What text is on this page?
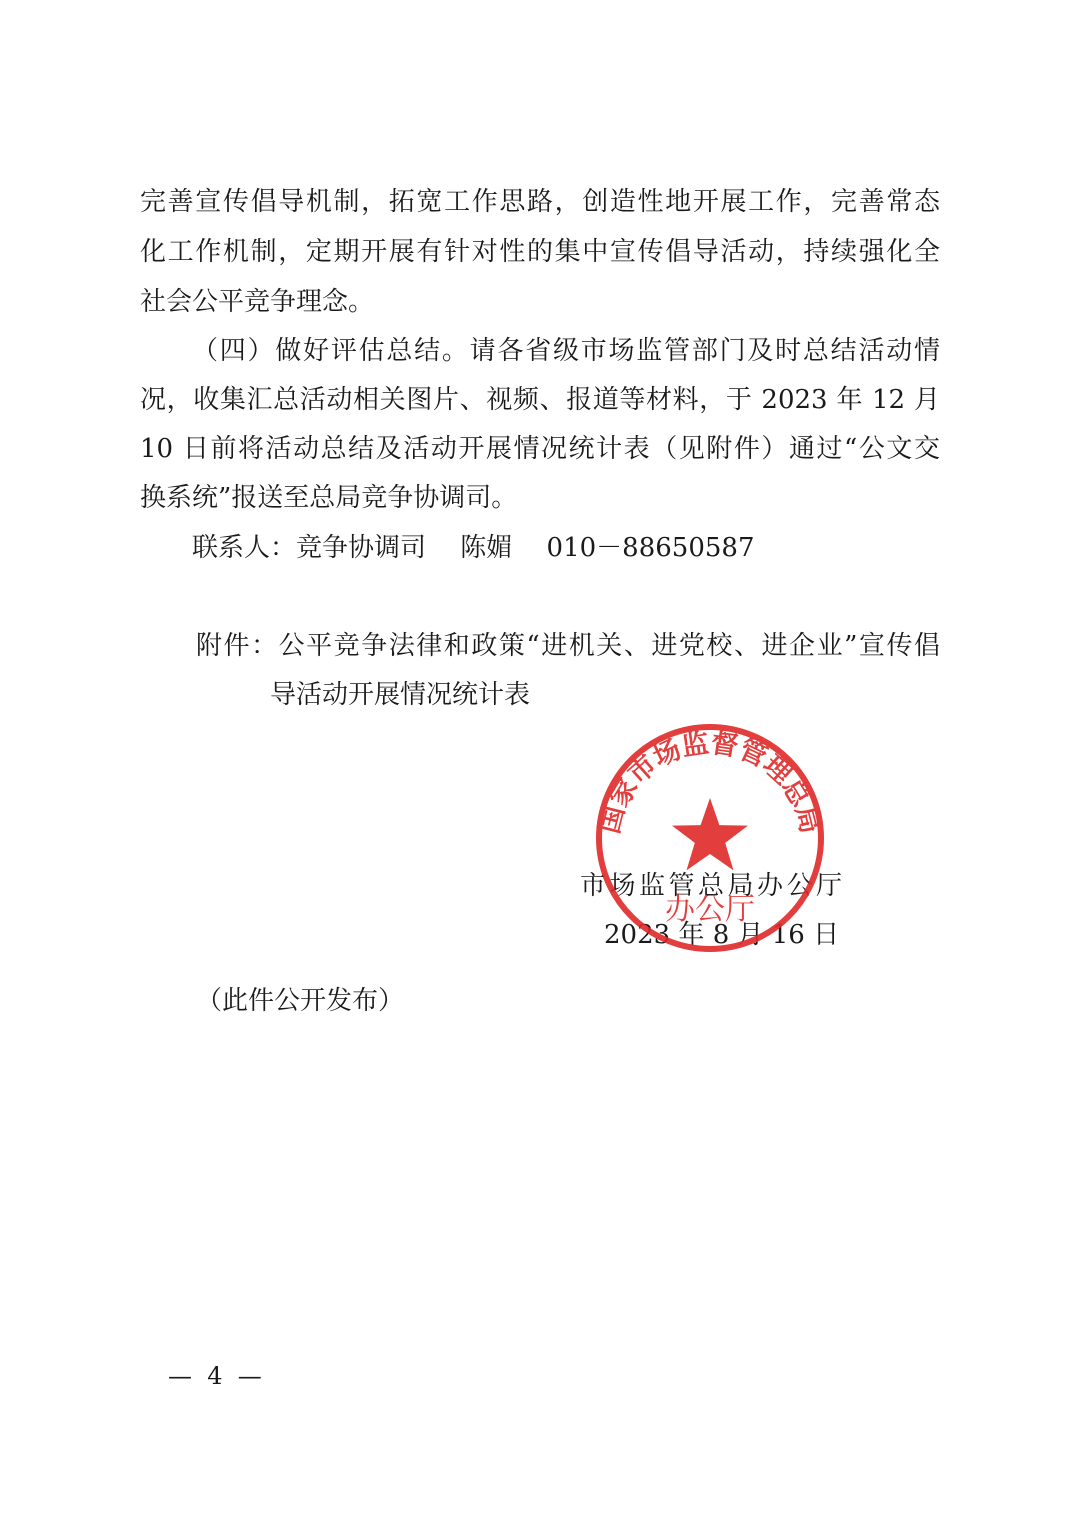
完善宣传倡导机制，拓宽工作思路，创造性地开展工作，完善常态
化工作机制，定期开展有针对性的集中宣传倡导活动，持续强化全
社会公平竞争理念。
（四）做好评估总结。请各省级市场监管部门及时总结活动情
况，收集汇总活动相关图片、视频、报道等材料，于 2023 年 12 月
10 日前将活动总结及活动开展情况统计表（见附件）通过“公文交
换系统”报送至总局竞争协调司。
联系人：竞争协调司　 陈媚　 010－88650587
附件：公平竞争法律和政策“进机关、进党校、进企业”宣传倡
导活动开展情况统计表
市场监管总局办公厅
2023 年 8 月 16 日
国家市场监督管理总局
办公厅
（此件公开发布）
—  4  —
